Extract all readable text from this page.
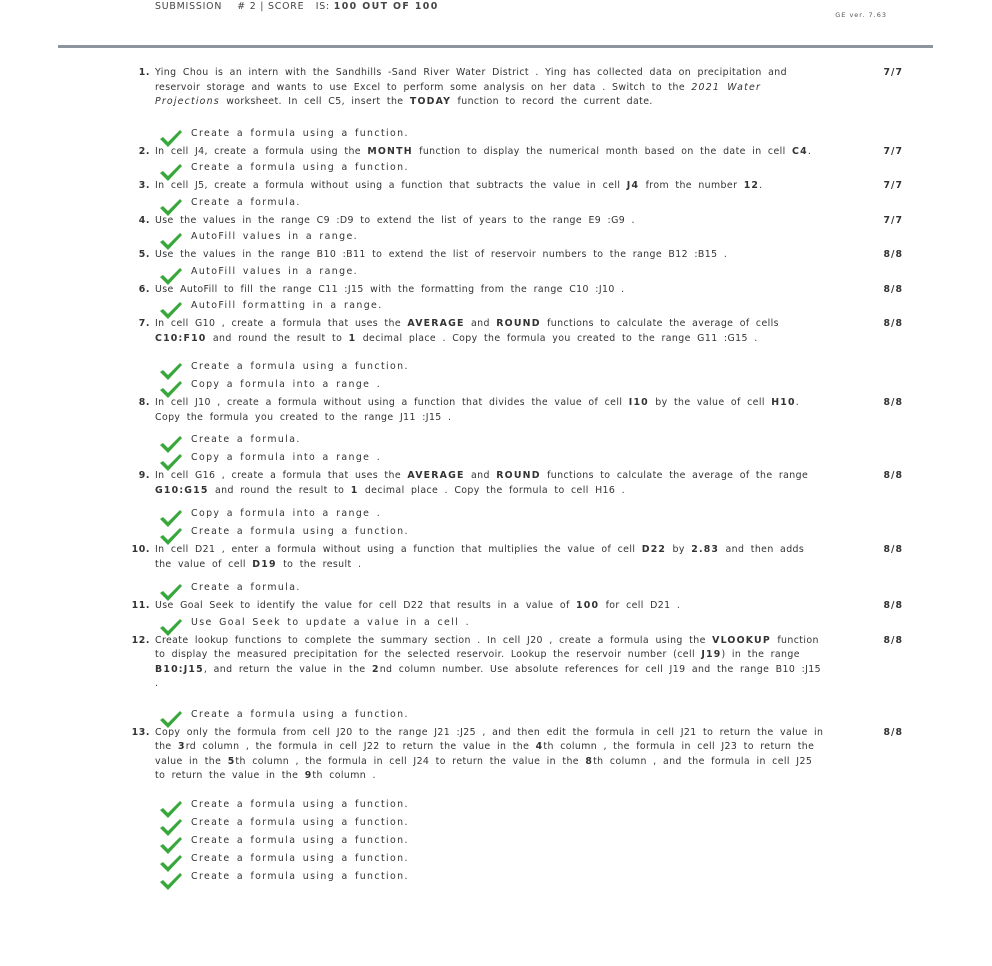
SUBMISSION # 2 | SCORE IS: 100 OUT OF 100
GE ver. 7.63
1. Ying Chou is an intern with the Sandhills -Sand River Water District . Ying has collected data on precipitation and reservoir storage and wants to use Excel to perform some analysis on her data . Switch to the 2021 Water Projections worksheet. In cell C5, insert the TODAY function to record the current date.
7/7
Create a formula using a function.
2. In cell J4, create a formula using the MONTH function to display the numerical month based on the date in cell C4.	7/7
Create a formula using a function.
3. In cell J5, create a formula without using a function that subtracts the value in cell J4 from the number 12.	7/7
Create a formula.
4. Use the values in the range C9 :D9 to extend the list of years to the range E9 :G9 .	7/7
AutoFill values in a range.
5. Use the values in the range B10 :B11 to extend the list of reservoir numbers to the range B12 :B15 .	8/8
AutoFill values in a range.
6. Use AutoFill to fill the range C11 :J15 with the formatting from the range C10 :J10 .	8/8
AutoFill formatting in a range.
7. In cell G10 , create a formula that uses the AVERAGE and ROUND functions to calculate the average of cells C10:F10 and round the result to 1 decimal place . Copy the formula you created to the range G11 :G15 .
8/8
Create a formula using a function.
Copy a formula into a range .
8. In cell J10 , create a formula without using a function that divides the value of cell I10 by the value of cell H10. Copy the formula you created to the range J11 :J15 .
8/8
Create a formula.
Copy a formula into a range .
9. In cell G16 , create a formula that uses the AVERAGE and ROUND functions to calculate the average of the range G10:G15 and round the result to 1 decimal place . Copy the formula to cell H16 .
8/8
Copy a formula into a range .
Create a formula using a function.
10. In cell D21 , enter a formula without using a function that multiplies the value of cell D22 by 2.83 and then adds the value of cell D19 to the result .
8/8
Create a formula.
11. Use Goal Seek to identify the value for cell D22 that results in a value of 100 for cell D21 .	8/8
Use Goal Seek to update a value in a cell .
12. Create lookup functions to complete the summary section . In cell J20 , create a formula using the VLOOKUP function to display the measured precipitation for the selected reservoir. Lookup the reservoir number (cell J19) in the range B10:J15, and return the value in the 2nd column number. Use absolute references for cell J19 and the range B10 :J15 .
8/8
Create a formula using a function.
13. Copy only the formula from cell J20 to the range J21 :J25 , and then edit the formula in cell J21 to return the value in the 3rd column , the formula in cell J22 to return the value in the 4th column , the formula in cell J23 to return the value in the 5th column , the formula in cell J24 to return the value in the 8th column , and the formula in cell J25 to return the value in the 9th column .
8/8
Create a formula using a function.
Create a formula using a function.
Create a formula using a function.
Create a formula using a function.
Create a formula using a function.
